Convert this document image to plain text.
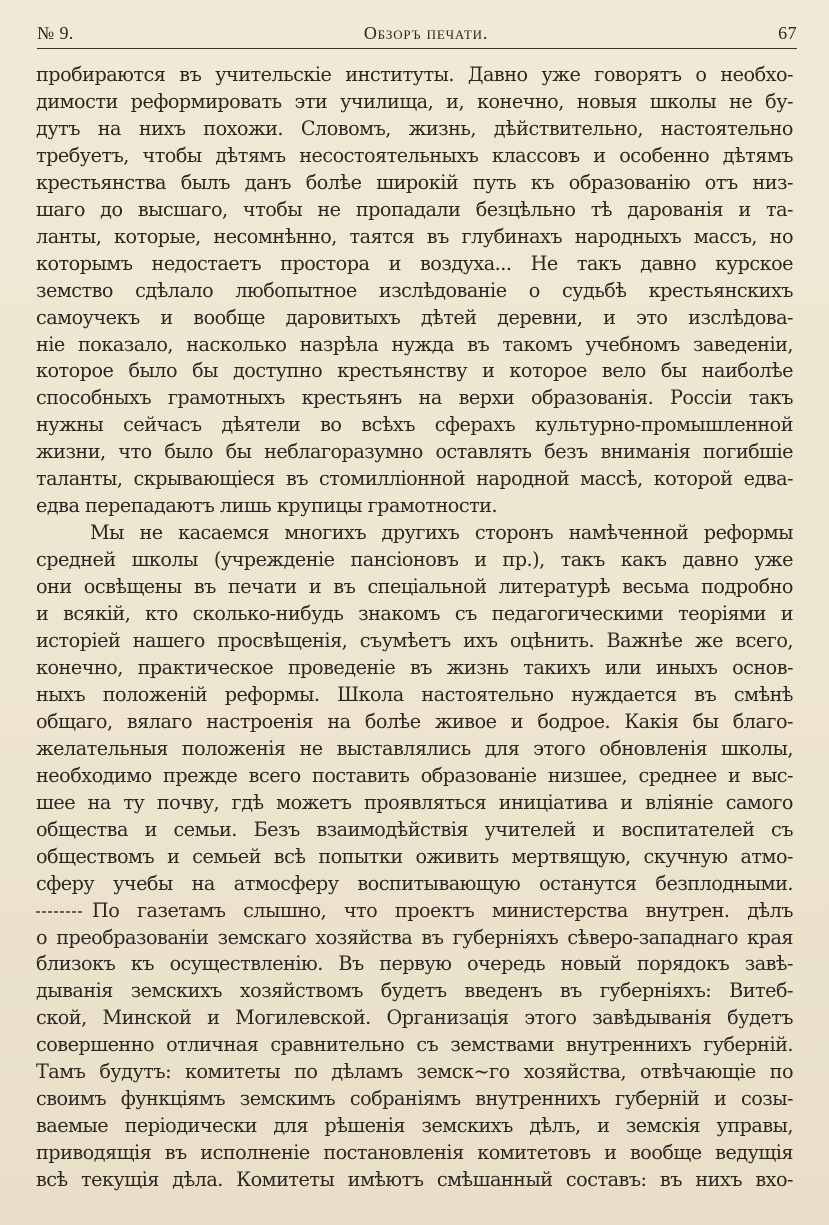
№ 9.	Обзоръ печати.	67
пробираются въ учительскіе институты. Давно уже говорятъ о необхо-
димости реформировать эти училища, и, конечно, новыя школы не бу-
дутъ на нихъ похожи. Словомъ, жизнь, дѣйствительно, настоятельно
требуетъ, чтобы дѣтямъ несостоятельныхъ классовъ и особенно дѣтямъ
крестьянства былъ данъ болѣе широкій путь къ образованію отъ низ-
шаго до высшаго, чтобы не пропадали безцѣльно тѣ дарованія и та-
ланты, которые, несомнѣнно, таятся въ глубинахъ народныхъ массъ, но
которымъ недостаетъ простора и воздуха... Не такъ давно курское
земство сдѣлало любопытное изслѣдованіе о судьбѣ крестьянскихъ
самоучекъ и вообще даровитыхъ дѣтей деревни, и это изслѣдова-
ніе показало, насколько назрѣла нужда въ такомъ учебномъ заведеніи,
которое было бы доступно крестьянству и которое вело бы наиболѣе
способныхъ грамотныхъ крестьянъ на верхи образованія. Россіи такъ
нужны сейчасъ дѣятели во всѣхъ сферахъ культурно-промышленной
жизни, что было бы неблагоразумно оставлять безъ вниманія погибшіе
таланты, скрывающіеся въ стомилліонной народной массѣ, которой едва-
едва перепадаютъ лишь крупицы грамотности.
Мы не касаемся многихъ другихъ сторонъ намѣченной реформы
средней школы (учрежденіе пансіоновъ и пр.), такъ какъ давно уже
они освѣщены въ печати и въ спеціальной литературѣ весьма подробно
и всякій, кто сколько-нибудь знакомъ съ педагогическими теоріями и
исторіей нашего просвѣщенія, съумѣетъ ихъ оцѣнить. Важнѣе же всего,
конечно, практическое проведеніе въ жизнь такихъ или иныхъ основ-
ныхъ положеній реформы. Школа настоятельно нуждается въ смѣнѣ
общаго, вялаго настроенія на болѣе живое и бодрое. Какія бы благо-
желательныя положенія не выставлялись для этого обновленія школы,
необходимо прежде всего поставить образованіе низшее, среднее и выс-
шее на ту почву, гдѣ можетъ проявляться иниціатива и вліяніе самого
общества и семьи. Безъ взаимодѣйствія учителей и воспитателей съ
обществомъ и семьей всѣ попытки оживить мертвящую, скучную атмо-
сферу учебы на атмосферу воспитывающую останутся безплодными.
По газетамъ слышно, что проектъ министерства внутрен. дѣлъ
о преобразованіи земскаго хозяйства въ губерніяхъ сѣверо-западнаго края
близокъ къ осуществленію. Въ первую очередь новый порядокъ завѣ-
дыванія земскихъ хозяйствомъ будетъ введенъ въ губерніяхъ: Витеб-
ской, Минской и Могилевской. Организація этого завѣдыванія будетъ
совершенно отличная сравнительно съ земствами внутреннихъ губерній.
Тамъ будутъ: комитеты по дѣламъ земск~го хозяйства, отвѣчающіе по
своимъ функціямъ земскимъ собраніямъ внутреннихъ губерній и созы-
ваемые періодически для рѣшенія земскихъ дѣлъ, и земскія управы,
приводящія въ исполненіе постановленія комитетовъ и вообще ведущія
всѣ текущія дѣла. Комитеты имѣютъ смѣшанный составъ: въ нихъ вхо-
